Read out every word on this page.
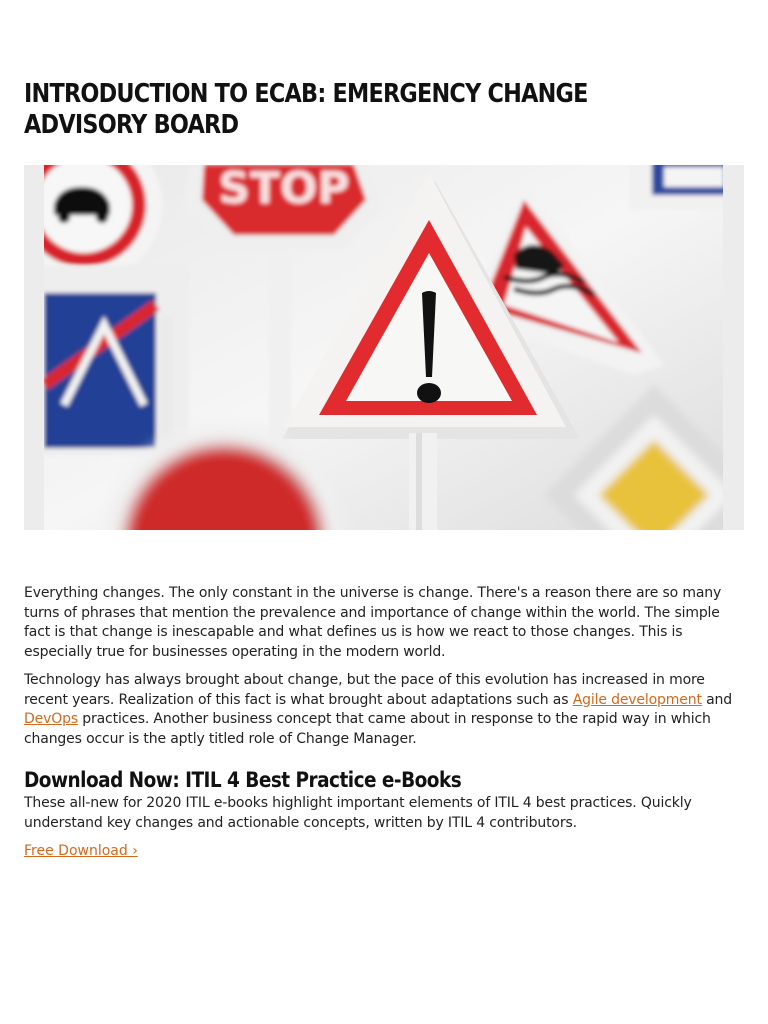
INTRODUCTION TO ECAB: EMERGENCY CHANGE ADVISORY BOARD
STOP

Everything changes. The only constant in the universe is change. There's a reason there are so many turns of phrases that mention the prevalence and importance of change within the world. The simple fact is that change is inescapable and what defines us is how we react to those changes. This is especially true for businesses operating in the modern world.

Technology has always brought about change, but the pace of this evolution has increased in more recent years. Realization of this fact is what brought about adaptations such as Agile development and DevOps practices. Another business concept that came about in response to the rapid way in which changes occur is the aptly titled role of Change Manager.

Download Now: ITIL 4 Best Practice e-Books

These all-new for 2020 ITIL e-books highlight important elements of ITIL 4 best practices. Quickly understand key changes and actionable concepts, written by ITIL 4 contributors.

Free Download ›
